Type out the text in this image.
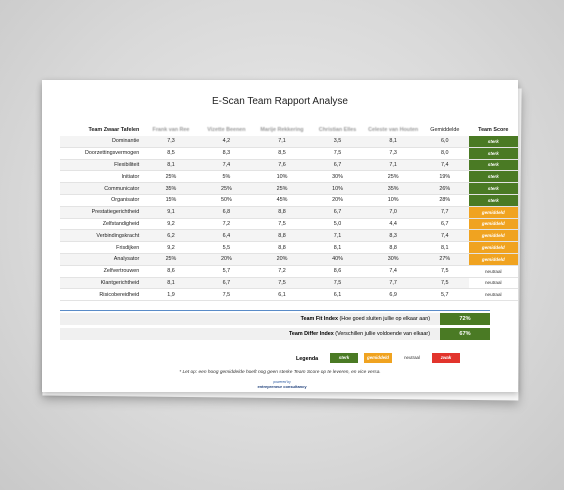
E-Scan Team Rapport Analyse
Team Zwaar Tafelen	Frank van Ree	Vizette Beenen	Marije Rekkering	Christian Elles	Celeste van Houten	Gemiddelde	Team Score
Dominantie	7,3	4,2	7,1	3,5	8,1	6,0	sterk
Doorzettingsvermogen	8,5	8,3	8,5	7,5	7,3	8,0	sterk
Flexibiliteit	8,1	7,4	7,6	6,7	7,1	7,4	sterk
Initiator	25%	5%	10%	30%	25%	19%	sterk
Communicator	35%	25%	25%	10%	35%	26%	sterk
Organisator	15%	50%	45%	20%	10%	28%	sterk
Prestatiegerichtheid	9,1	6,8	8,8	6,7	7,0	7,7	gemiddeld
Zelfstandigheid	9,2	7,2	7,5	5,0	4,4	6,7	gemiddeld
Verbindingskracht	6,2	6,4	8,8	7,1	8,3	7,4	gemiddeld
Frisdijken	9,2	5,5	8,8	8,1	8,8	8,1	gemiddeld
Analysator	25%	20%	20%	40%	30%	27%	gemiddeld
Zelfvertrouwen	8,6	5,7	7,2	8,6	7,4	7,5	neutraal
Klantgerichtheid	8,1	6,7	7,5	7,5	7,7	7,5	neutraal
Risicobereidheid	1,9	7,5	6,1	6,1	6,9	5,7	neutraal
Team Fit Index (Hoe goed sluiten jullie op elkaar aan)	72%
Team Differ Index (Verschillen jullie voldoende van elkaar)	67%
Legenda	sterk	gemiddeld	neutraal	zwak
* Let op: een hoog gemiddelde hoeft nog geen sterke Team Score op te leveren, en vice versa.
powered by
entrepreneur consultancy
